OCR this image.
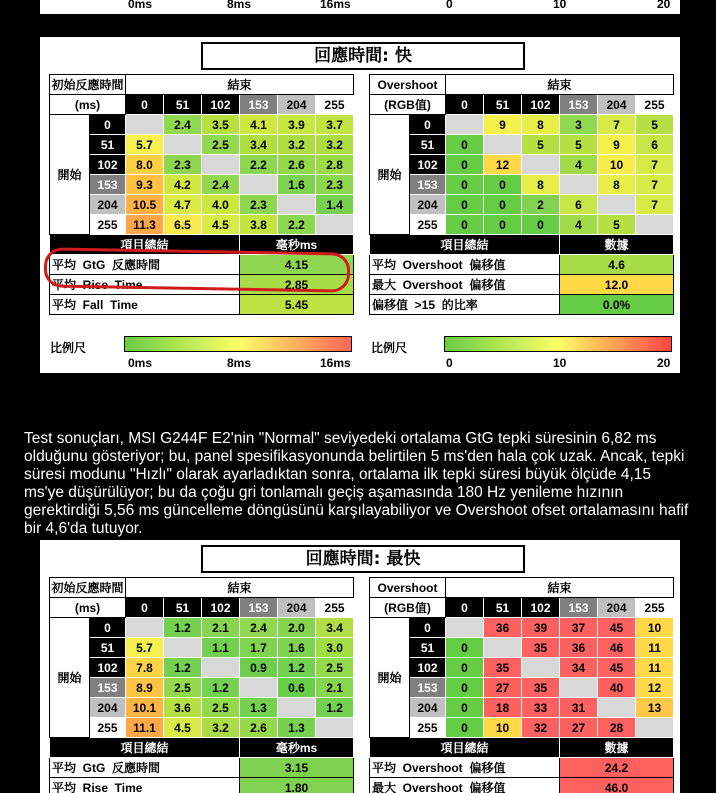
0ms	8ms	16ms	0	10	20
回應時間: 快
初始反應時間		結束					
(ms)		0	51	102	153	204	255
開始	0		2.4	3.5	4.1	3.9	3.7
	51	5.7		2.5	3.4	3.2	3.2
	102	8.0	2.3		2.2	2.6	2.8
	153	9.3	4.2	2.4		1.6	2.3
	204	10.5	4.7	4.0	2.3		1.4
	255	11.3	6.5	4.5	3.8	2.2	
項目總結					毫秒ms		
平均  GtG  反應時間					4.15		
平均  Rise  Time					2.85		
平均  Fall  Time					5.45		
Overshoot		結束					
(RGB值)		0	51	102	153	204	255
開始	0		9	8	3	7	5
	51	0		5	5	9	6
	102	0	12		4	10	7
	153	0	0	8		8	7
	204	0	0	2	6		7
	255	0	0	0	4	5	
項目總結					數據		
平均  Overshoot  偏移值					4.6		
最大  Overshoot  偏移值					12.0		
偏移值  >15  的比率					0.0%		
比例尺
0ms	8ms	16ms
比例尺
0	10	20

Test sonuçları, MSI G244F E2'nin "Normal" seviyedeki ortalama GtG tepki süresinin 6,82 ms olduğunu gösteriyor; bu, panel spesifikasyonunda belirtilen 5 ms'den hala çok uzak. Ancak, tepki süresi modunu "Hızlı" olarak ayarladıktan sonra, ortalama ilk tepki süresi büyük ölçüde 4,15 ms'ye düşürülüyor; bu da çoğu gri tonlamalı geçiş aşamasında 180 Hz yenileme hızının gerektirdiği 5,56 ms güncelleme döngüsünü karşılayabiliyor ve Overshoot ofset ortalamasını hafif bir 4,6'da tutuyor.

回應時間: 最快
初始反應時間		結束					
(ms)		0	51	102	153	204	255
開始	0		1.2	2.1	2.4	2.0	3.4
	51	5.7		1.1	1.7	1.6	3.0
	102	7.8	1.2		0.9	1.2	2.5
	153	8.9	2.5	1.2		0.6	2.1
	204	10.1	3.6	2.5	1.3		1.2
	255	11.1	4.5	3.2	2.6	1.3	
項目總結					毫秒ms		
平均  GtG  反應時間					3.15		
平均  Rise  Time					1.80		
Overshoot		結束					
(RGB值)		0	51	102	153	204	255
開始	0		36	39	37	45	10
	51	0		35	36	46	11
	102	0	35		34	45	11
	153	0	27	35		40	12
	204	0	18	33	31		13
	255	0	10	32	27	28	
項目總結					數據		
平均  Overshoot  偏移值					24.2		
最大  Overshoot  偏移值					46.0		
